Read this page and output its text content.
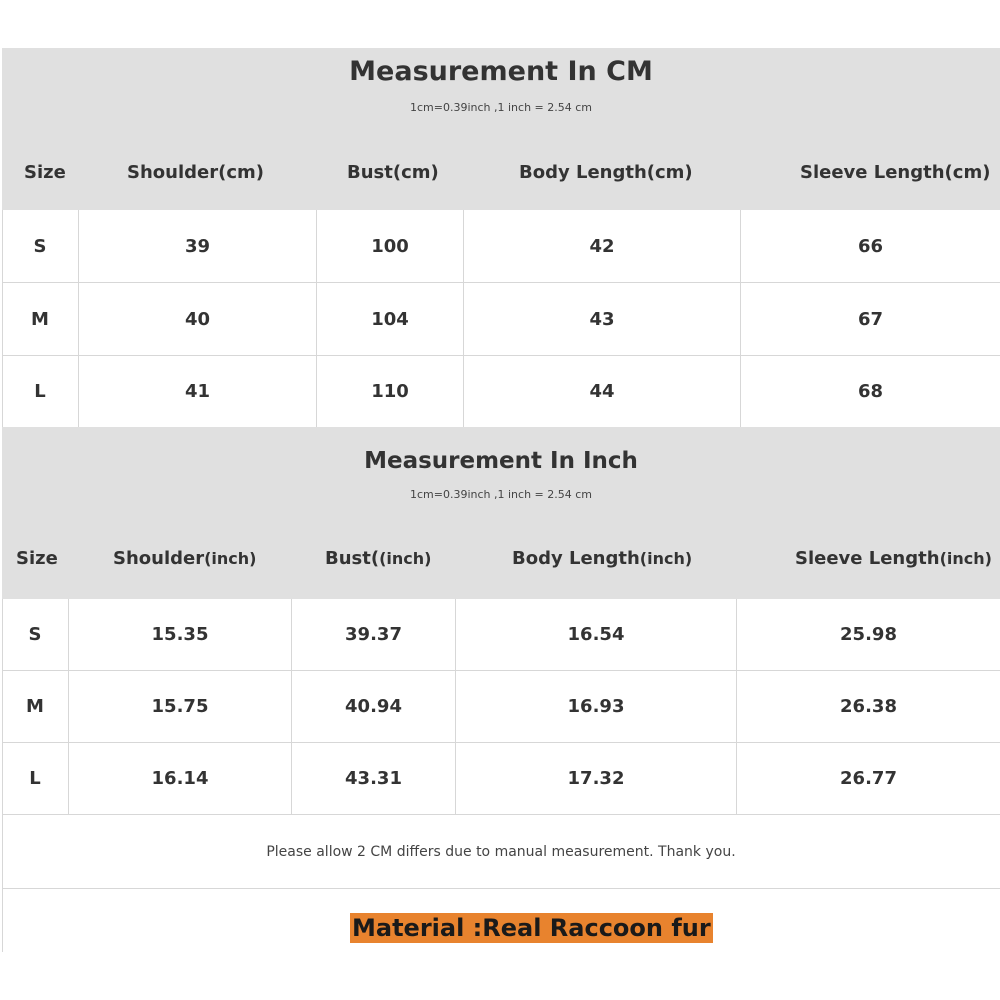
Measurement In CM
1cm=0.39inch ,1 inch = 2.54 cm
Size	Shoulder(cm)	Bust(cm)	Body Length(cm)	Sleeve Length(cm)
S	39	100	42	66
M	40	104	43	67
L	41	110	44	68
Measurement In Inch
1cm=0.39inch ,1 inch = 2.54 cm
Size	Shoulder(inch)	Bust((inch)	Body Length(inch)	Sleeve Length(inch)
S	15.35	39.37	16.54	25.98
M	15.75	40.94	16.93	26.38
L	16.14	43.31	17.32	26.77
Please allow 2 CM differs due to manual measurement. Thank you.
Material :Real Raccoon fur
